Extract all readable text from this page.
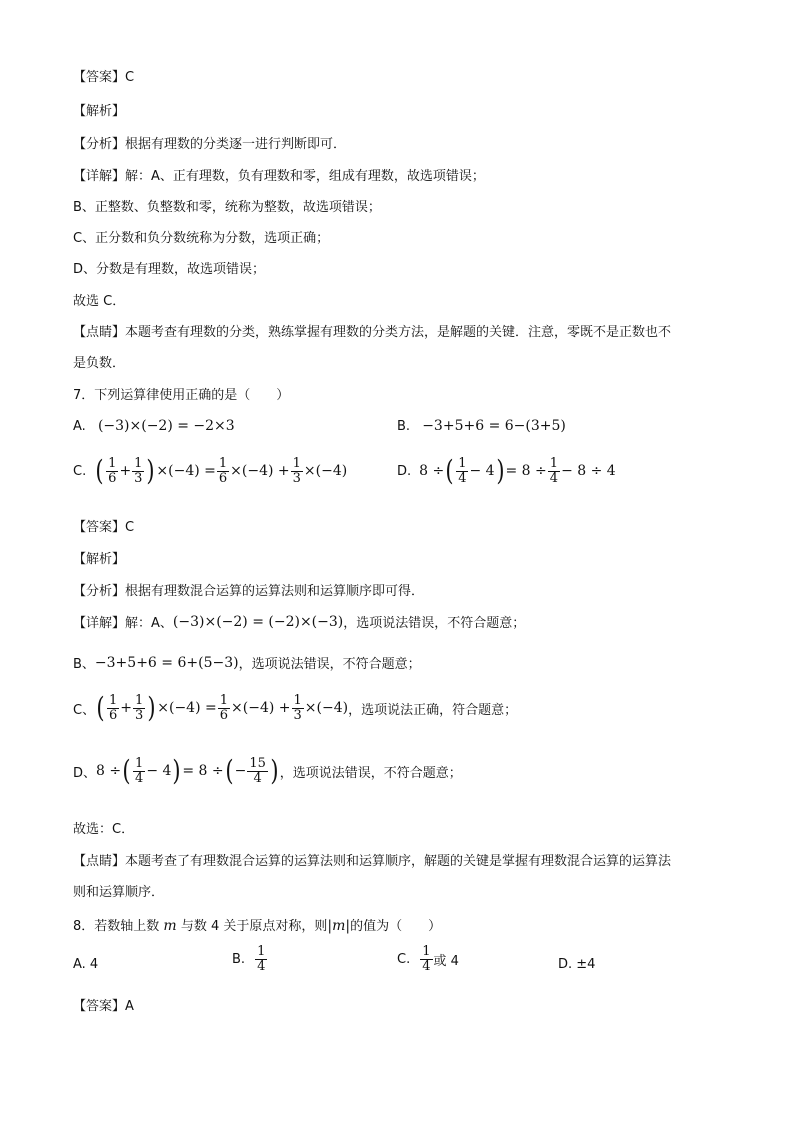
【答案】C
【解析】
【分析】根据有理数的分类逐一进行判断即可．
【详解】解：A、正有理数，负有理数和零，组成有理数，故选项错误；
B、正整数、负整数和零，统称为整数，故选项错误；
C、正分数和负分数统称为分数，选项正确；
D、分数是有理数，故选项错误；
故选 C．
【点睛】本题考查有理数的分类，熟练掌握有理数的分类方法，是解题的关键．注意，零既不是正数也不
是负数．
7．下列运算律使用正确的是（　　）
A. (−3)×(−2) = −2×3	B. −3+5+6 = 6−(3+5)
C. ( $\frac{1}{6} + \frac{1}{3}$ ) $\times(-4) = \frac{1}{6} \times(-4) + \frac{1}{3} \times(-4)$	D. 8 ÷ ( $\frac{1}{4} - 4$ ) = $8 \div \frac{1}{4} - 8 \div 4$
【答案】C
【解析】
【分析】根据有理数混合运算的运算法则和运算顺序即可得．
【详解】解：A、 (−3)×(−2) = (−2)×(−3) ，选项说法错误，不符合题意；
B、 −3+5+6 = 6+(5−3) ，选项说法错误，不符合题意；
C、 ( $\frac{1}{6} + \frac{1}{3}$ ) $\times(-4) = \frac{1}{6} \times(-4) + \frac{1}{3} \times(-4)$ ，选项说法正确，符合题意；
D、 8 ÷ ( $\frac{1}{4} - 4$ ) = 8 ÷ ( − $\frac{15}{4}$ ) ，选项说法错误，不符合题意；
故选：C．
【点睛】本题考查了有理数混合运算的运算法则和运算顺序，解题的关键是掌握有理数混合运算的运算法
则和运算顺序．
8．若数轴上数 m 与数 4 关于原点对称，则|m|的值为（　　）
A. 4	B. $\frac{1}{4}$	C. $\frac{1}{4}$ 或 4	D. ±4
【答案】A
